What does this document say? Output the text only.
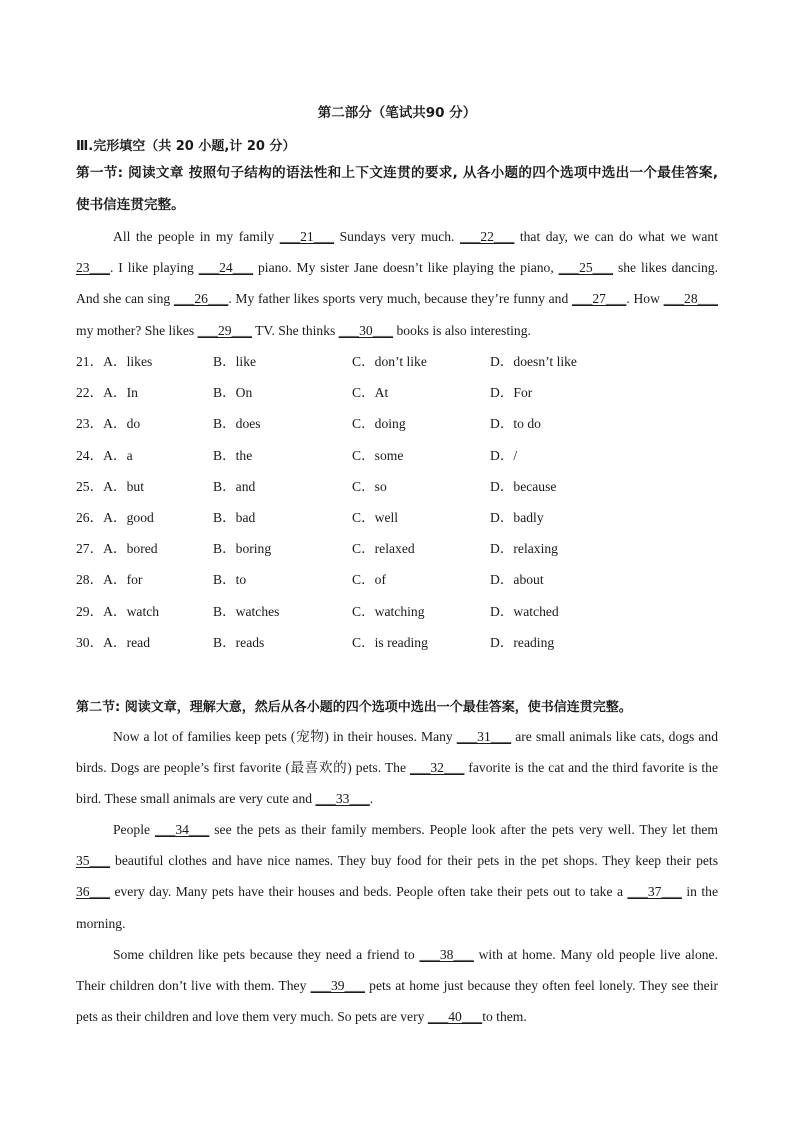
第二部分（笔试共90 分）
Ⅲ.完形填空（共 20 小题,计 20 分）
第一节: 阅读文章 按照句子结构的语法性和上下文连贯的要求, 从各小题的四个选项中选出一个最佳答案, 使书信连贯完整。
All the people in my family ___21___ Sundays very much. ___22___ that day, we can do what we want 23___. I like playing ___24___ piano. My sister Jane doesn’t like playing the piano, ___25___ she likes dancing. And she can sing ___26___. My father likes sports very much, because they’re funny and ___27___. How ___28___ my mother? She likes ___29___ TV. She thinks ___30___ books is also interesting.
21．A．likes	B．like	C．don’t like	D．doesn’t like
22．A．In	B．On	C．At	D．For
23．A．do	B．does	C．doing	D．to do
24．A．a	B．the	C．some	D．/
25．A．but	B．and	C．so	D．because
26．A．good	B．bad	C．well	D．badly
27．A．bored	B．boring	C．relaxed	D．relaxing
28．A．for	B．to	C．of	D．about
29．A．watch	B．watches	C．watching	D．watched
30．A．read	B．reads	C．is reading	D．reading
第二节: 阅读文章，理解大意，然后从各小题的四个选项中选出一个最佳答案，使书信连贯完整。
Now a lot of families keep pets (宠物) in their houses. Many ___31___ are small animals like cats, dogs and birds. Dogs are people’s first favorite (最喜欢的) pets. The ___32___ favorite is the cat and the third favorite is the bird. These small animals are very cute and ___33___.
People ___34___ see the pets as their family members. People look after the pets very well. They let them 35___ beautiful clothes and have nice names. They buy food for their pets in the pet shops. They keep their pets 36___ every day. Many pets have their houses and beds. People often take their pets out to take a ___37___ in the morning.
Some children like pets because they need a friend to ___38___ with at home. Many old people live alone. Their children don’t live with them. They ___39___ pets at home just because they often feel lonely. They see their pets as their children and love them very much. So pets are very ___40___to them.
